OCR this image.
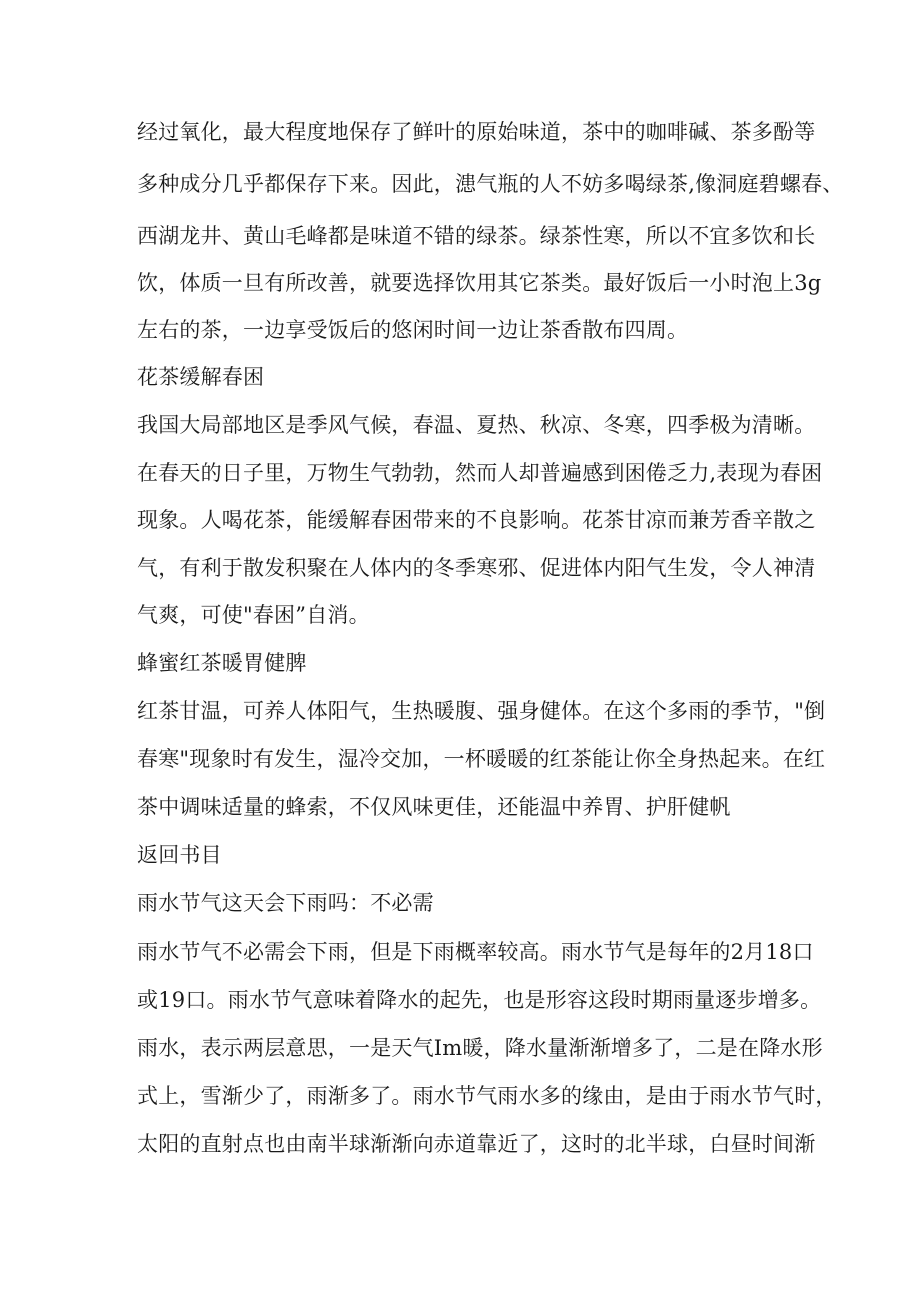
经过氧化，最大程度地保存了鲜叶的原始味道，茶中的咖啡碱、茶多酚等
多种成分几乎都保存下来。因此，漶气瓶的人不妨多喝绿茶,像洞庭碧螺春、
西湖龙井、黄山毛峰都是味道不错的绿茶。绿茶性寒，所以不宜多饮和长
饮，体质一旦有所改善，就要选择饮用其它茶类。最好饭后一小时泡上3g
左右的茶，一边享受饭后的悠闲时间一边让茶香散布四周。
花茶缓解春困
我国大局部地区是季风气候，春温、夏热、秋凉、冬寒，四季极为清晰。
在春天的日子里，万物生气勃勃，然而人却普遍感到困倦乏力,表现为春困
现象。人喝花茶，能缓解春困带来的不良影响。花茶甘凉而兼芳香辛散之
气，有利于散发积聚在人体内的冬季寒邪、促进体内阳气生发，令人神清
气爽，可使"春困”自消。
蜂蜜红茶暖胃健脾
红茶甘温，可养人体阳气，生热暖腹、强身健体。在这个多雨的季节，"倒
春寒"现象时有发生，湿冷交加，一杯暖暖的红茶能让你全身热起来。在红
茶中调味适量的蜂索，不仅风味更佳，还能温中养胃、护肝健帆
返回书目
雨水节气这天会下雨吗：不必需
雨水节气不必需会下雨，但是下雨概率较高。雨水节气是每年的2月18口
或19口。雨水节气意味着降水的起先，也是形容这段时期雨量逐步增多。
雨水，表示两层意思，一是天气Im暖，降水量渐渐增多了，二是在降水形
式上，雪渐少了，雨渐多了。雨水节气雨水多的缘由，是由于雨水节气时，
太阳的直射点也由南半球渐渐向赤道靠近了，这时的北半球，白昼时间渐
